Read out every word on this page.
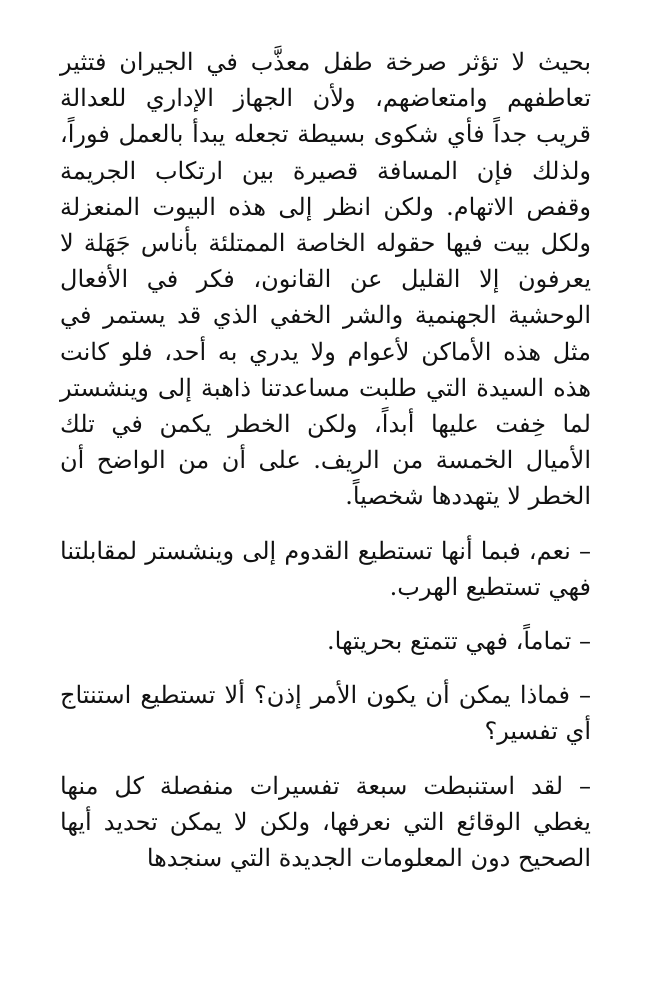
بحيث لا تؤثر صرخة طفل معذَّب في الجيران فتثير تعاطفهم وامتعاضهم، ولأن الجهاز الإداري للعدالة قريب جداً فأي شكوى بسيطة تجعله يبدأ بالعمل فوراً، ولذلك فإن المسافة قصيرة بين ارتكاب الجريمة وقفص الاتهام. ولكن انظر إلى هذه البيوت المنعزلة ولكل بيت فيها حقوله الخاصة الممتلئة بأناس جَهَلة لا يعرفون إلا القليل عن القانون، فكر في الأفعال الوحشية الجهنمية والشر الخفي الذي قد يستمر في مثل هذه الأماكن لأعوام ولا يدري به أحد، فلو كانت هذه السيدة التي طلبت مساعدتنا ذاهبة إلى وينشستر لما خِفت عليها أبداً، ولكن الخطر يكمن في تلك الأميال الخمسة من الريف. على أن من الواضح أن الخطر لا يتهددها شخصياً.

– نعم، فبما أنها تستطيع القدوم إلى وينشستر لمقابلتنا فهي تستطيع الهرب.

– تماماً، فهي تتمتع بحريتها.

– فماذا يمكن أن يكون الأمر إذن؟ ألا تستطيع استنتاج أي تفسير؟

– لقد استنبطت سبعة تفسيرات منفصلة كل منها يغطي الوقائع التي نعرفها، ولكن لا يمكن تحديد أيها الصحيح دون المعلومات الجديدة التي سنجدها
